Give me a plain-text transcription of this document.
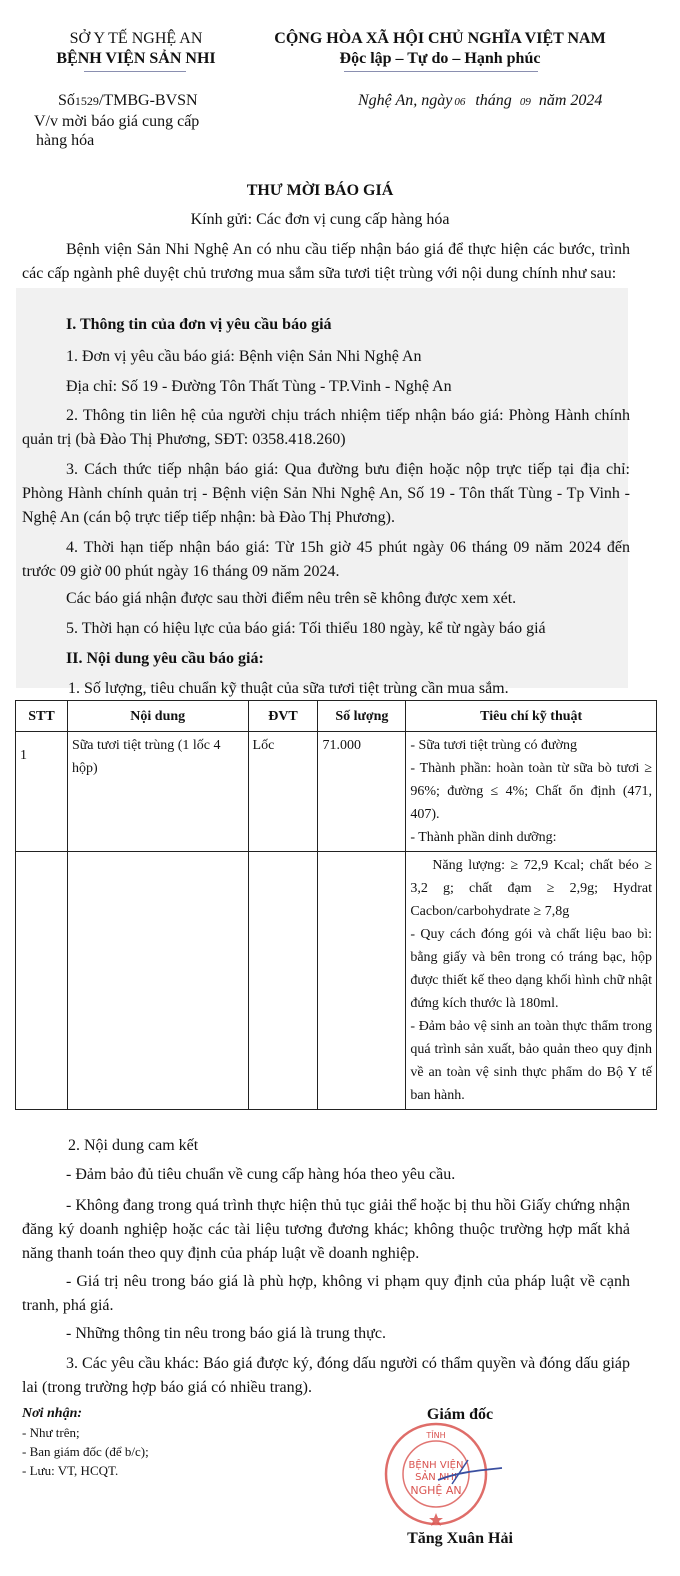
SỞ Y TẾ NGHỆ AN
BỆNH VIỆN SẢN NHI
CỘNG HÒA XÃ HỘI CHỦ NGHĨA VIỆT NAM
Độc lập – Tự do – Hạnh phúc
Số1529/TMBG-BVSN	Nghệ An, ngày 06 tháng 09 năm 2024
V/v mời báo giá cung cấp
hàng hóa
THƯ MỜI BÁO GIÁ
Kính gửi: Các đơn vị cung cấp hàng hóa
Bệnh viện Sản Nhi Nghệ An có nhu cầu tiếp nhận báo giá để thực hiện các bước, trình các cấp ngành phê duyệt chủ trương mua sắm sữa tươi tiệt trùng với nội dung chính như sau:
I. Thông tin của đơn vị yêu cầu báo giá
1. Đơn vị yêu cầu báo giá: Bệnh viện Sản Nhi Nghệ An
Địa chỉ: Số 19 - Đường Tôn Thất Tùng - TP.Vinh - Nghệ An
2. Thông tin liên hệ của người chịu trách nhiệm tiếp nhận báo giá: Phòng Hành chính quản trị (bà Đào Thị Phương, SĐT: 0358.418.260)
3. Cách thức tiếp nhận báo giá: Qua đường bưu điện hoặc nộp trực tiếp tại địa chỉ: Phòng Hành chính quản trị - Bệnh viện Sản Nhi Nghệ An, Số 19 - Tôn thất Tùng - Tp Vinh - Nghệ An (cán bộ trực tiếp tiếp nhận: bà Đào Thị Phương).
4. Thời hạn tiếp nhận báo giá: Từ 15h giờ 45 phút ngày 06 tháng 09 năm 2024 đến trước 09 giờ 00 phút ngày 16 tháng 09 năm 2024.
Các báo giá nhận được sau thời điểm nêu trên sẽ không được xem xét.
5. Thời hạn có hiệu lực của báo giá: Tối thiểu 180 ngày, kể từ ngày báo giá
II. Nội dung yêu cầu báo giá:
1. Số lượng, tiêu chuẩn kỹ thuật của sữa tươi tiệt trùng cần mua sắm.
STT	Nội dung	ĐVT	Số lượng	Tiêu chí kỹ thuật
1	Sữa tươi tiệt trùng (1 lốc 4 hộp)	Lốc	71.000	- Sữa tươi tiệt trùng có đường
- Thành phần: hoàn toàn từ sữa bò tươi ≥ 96%; đường ≤ 4%; Chất ổn định (471, 407).
- Thành phần dinh dưỡng:

				Năng lượng: ≥ 72,9 Kcal; chất béo ≥ 3,2 g; chất đạm ≥ 2,9g; Hydrat Cacbon/carbohydrate ≥ 7,8g
- Quy cách đóng gói và chất liệu bao bì: bằng giấy và bên trong có tráng bạc, hộp được thiết kế theo dạng khối hình chữ nhật đứng kích thước là 180ml.
- Đảm bảo vệ sinh an toàn thực thẩm trong quá trình sản xuất, bảo quản theo quy định về an toàn vệ sinh thực phẩm do Bộ Y tế ban hành.
2. Nội dung cam kết
- Đảm bảo đủ tiêu chuẩn về cung cấp hàng hóa theo yêu cầu.
- Không đang trong quá trình thực hiện thủ tục giải thể hoặc bị thu hồi Giấy chứng nhận đăng ký doanh nghiệp hoặc các tài liệu tương đương khác; không thuộc trường hợp mất khả năng thanh toán theo quy định của pháp luật về doanh nghiệp.
- Giá trị nêu trong báo giá là phù hợp, không vi phạm quy định của pháp luật về cạnh tranh, phá giá.
- Những thông tin nêu trong báo giá là trung thực.
3. Các yêu cầu khác: Báo giá được ký, đóng dấu người có thẩm quyền và đóng dấu giáp lai (trong trường hợp báo giá có nhiều trang).
Nơi nhận:
- Như trên;
- Ban giám đốc (để b/c);
- Lưu: VT, HCQT.
Giám đốc
TỈNH
BỆNH VIỆN
SẢN NHI
NGHỆ AN
Tăng Xuân Hải
